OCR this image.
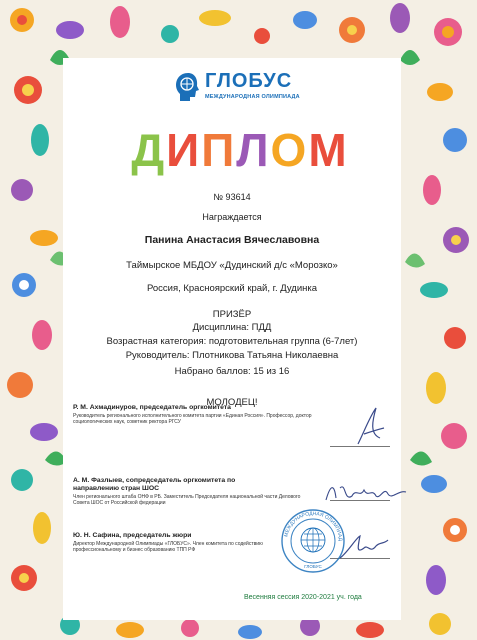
ГЛОБУС
МЕЖДУНАРОДНАЯ ОЛИМПИАДА
ДИПЛОМ
№ 93614
Награждается
Панина Анастасия Вячеславовна
Таймырское МБДОУ «Дудинский д/с «Морозко»
Россия, Красноярский край, г. Дудинка
ПРИЗЁР
Дисциплина: ПДД
Возрастная категория: подготовительная группа (6-7лет)
Руководитель: Плотникова Татьяна Николаевна
Набрано баллов: 15 из 16
МОЛОДЕЦ!
Р. М. Ахмадинуров, председатель оргкомитета
Руководитель регионального исполнительного комитета партии «Единая Россия». Профессор, доктор социологических наук, советник ректора РГСУ
А. М. Фазлыев, сопредседатель оргкомитета по направлению стран ШОС
Член регионального штаба ОНФ в РБ. Заместитель Председателя национальной части Делового Совета ШОС от Российской федерации
Ю. Н. Сафина, председатель жюри
Директор Международной Олимпиады «ГЛОБУС». Член комитета по содействию профессиональному и бизнес образованию ТПП РФ
МЕЖДУНАРОДНАЯ ОЛИМПИАД
ГЛОБУС
Весенняя сессия 2020-2021 уч. года
